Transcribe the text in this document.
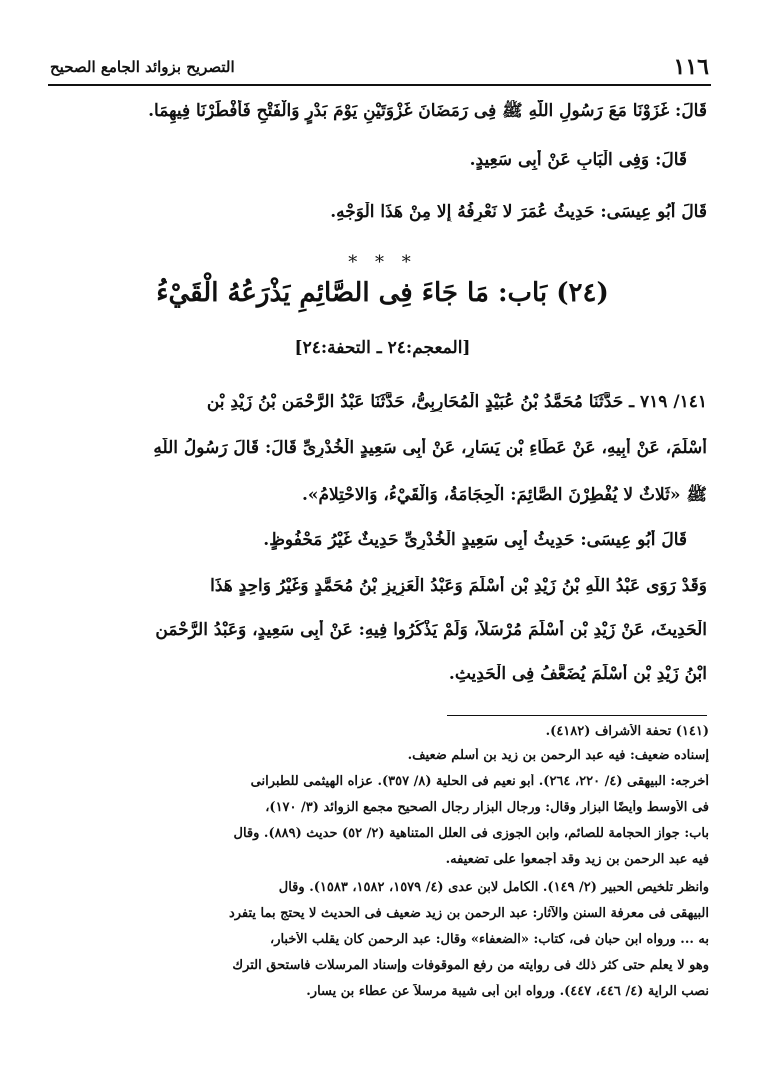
١١٦
التصريح بزوائد الجامع الصحيح
قَالَ: غَزَوْنَا مَعَ رَسُولِ اللَّهِ ﷺ فِى رَمَضَانَ غَزْوَتَيْنِ يَوْمَ بَدْرٍ وَالْفَتْحِ فَأَفْطَرْنَا فِيهِمَا.
قَالَ: وَفِى الْبَابِ عَنْ أَبِى سَعِيدٍ.
قَالَ أَبُو عِيسَى: حَدِيثُ عُمَرَ لا نَعْرِفُهُ إِلا مِنْ هَذَا الْوَجْهِ.
* * *
(٢٤) بَاب: مَا جَاءَ فِى الصَّائِمِ يَذْرَعُهُ الْقَيْءُ
[المعجم:٢٤ ـ التحفة:٢٤]
١٤١/ ٧١٩ ـ حَدَّثَنَا مُحَمَّدُ بْنُ عُبَيْدٍ الْمُحَارِبِىُّ، حَدَّثَنَا عَبْدُ الرَّحْمَنِ بْنُ زَيْدِ بْنِ
أَسْلَمَ، عَنْ أَبِيهِ، عَنْ عَطَاءِ بْنِ يَسَارٍ، عَنْ أَبِى سَعِيدٍ الْخُدْرِىِّ قَالَ: قَالَ رَسُولُ اللَّهِ
ﷺ «ثَلاثٌ لا يُفْطِرْنَ الصَّائِمَ: الْحِجَامَةُ، وَالْقَيْءُ، وَالاحْتِلامُ».
قَالَ أَبُو عِيسَى: حَدِيثُ أَبِى سَعِيدٍ الْخُدْرِىِّ حَدِيثٌ غَيْرُ مَحْفُوظٍ.
وَقَدْ رَوَى عَبْدُ اللَّهِ بْنُ زَيْدِ بْنِ أَسْلَمَ وَعَبْدُ الْعَزِيزِ بْنُ مُحَمَّدٍ وَغَيْرُ وَاحِدٍ هَذَا
الْحَدِيثَ، عَنْ زَيْدِ بْنِ أَسْلَمَ مُرْسَلاً، وَلَمْ يَذْكُرُوا فِيهِ: عَنْ أَبِى سَعِيدٍ، وَعَبْدُ الرَّحْمَنِ
ابْنُ زَيْدِ بْنِ أَسْلَمَ يُضَعَّفُ فِى الْحَدِيثِ.
(١٤١) تحفة الأشراف (٤١٨٢).
إسناده ضعيف: فيه عبد الرحمن بن زيد بن أسلم ضعيف.
أخرجه: البيهقى (٤/ ٢٢٠، ٢٦٤). أبو نعيم فى الحلية (٨/ ٣٥٧). عزاه الهيثمى للطبرانى
فى الأوسط وأيضًا البزار وقال: ورجال البزار رجال الصحيح مجمع الزوائد (٣/ ١٧٠)،
باب: جواز الحجامة للصائم، وابن الجوزى فى العلل المتناهية (٢/ ٥٢) حديث (٨٨٩). وقال
فيه عبد الرحمن بن زيد وقد أجمعوا على تضعيفه.
وانظر تلخيص الحبير (٢/ ١٤٩). الكامل لابن عدى (٤/ ١٥٧٩، ١٥٨٢، ١٥٨٣). وقال
البيهقى فى معرفة السنن والآثار: عبد الرحمن بن زيد ضعيف فى الحديث لا يحتج بما يتفرد
به ... ورواه ابن حبان فى، كتاب: «الضعفاء» وقال: عبد الرحمن كان يقلب الأخبار،
وهو لا يعلم حتى كثر ذلك فى روايته من رفع الموقوفات وإسناد المرسلات فاستحق الترك
نصب الراية (٤/ ٤٤٦، ٤٤٧). ورواه ابن أبى شيبة مرسلاً عن عطاء بن يسار.
